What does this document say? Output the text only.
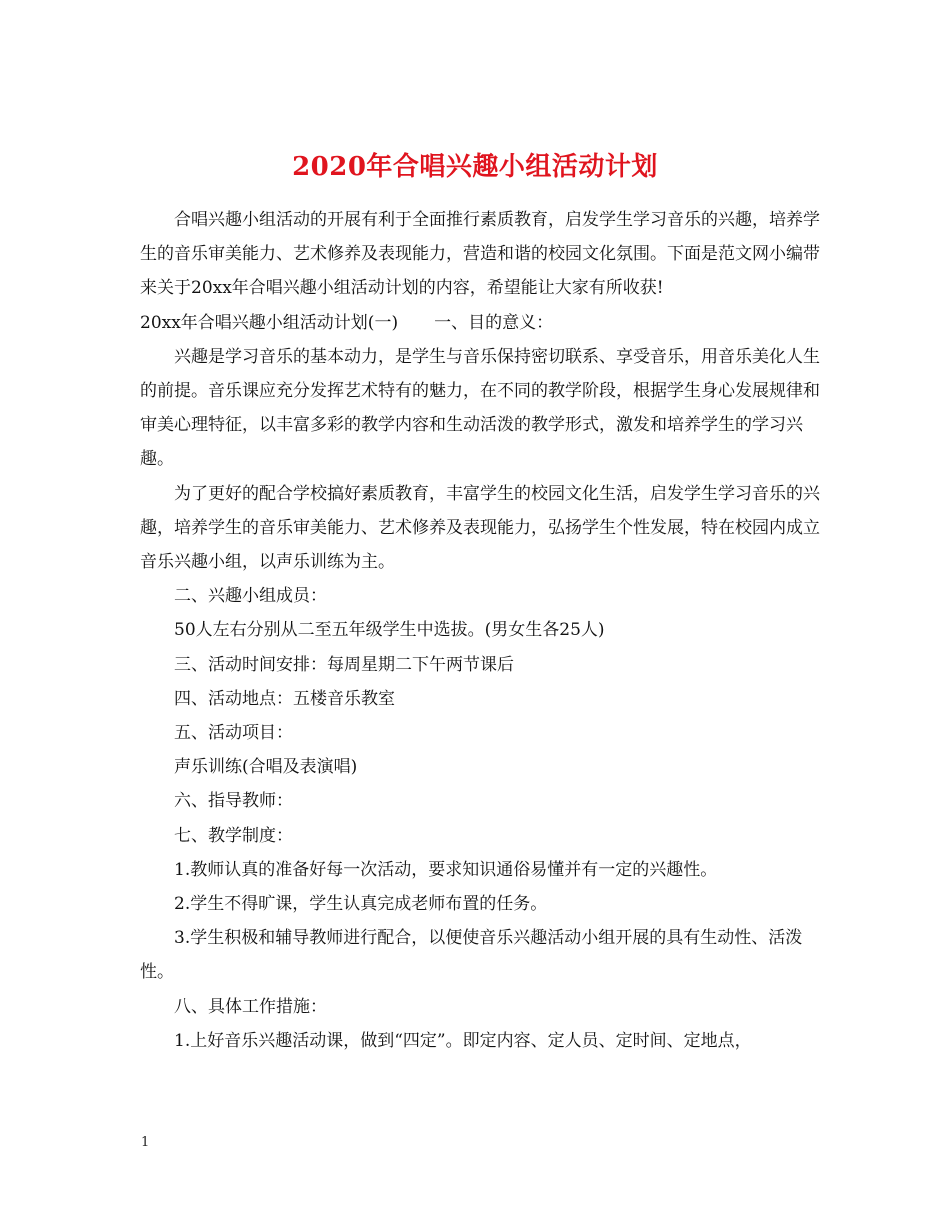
2020年合唱兴趣小组活动计划

合唱兴趣小组活动的开展有利于全面推行素质教育，启发学生学习音乐的兴趣，培养学生的音乐审美能力、艺术修养及表现能力，营造和谐的校园文化氛围。下面是范文网小编带来关于20xx年合唱兴趣小组活动计划的内容，希望能让大家有所收获!

20xx年合唱兴趣小组活动计划(一) 一、目的意义：

兴趣是学习音乐的基本动力，是学生与音乐保持密切联系、享受音乐，用音乐美化人生的前提。音乐课应充分发挥艺术特有的魅力，在不同的教学阶段，根据学生身心发展规律和审美心理特征，以丰富多彩的教学内容和生动活泼的教学形式，激发和培养学生的学习兴趣。

为了更好的配合学校搞好素质教育，丰富学生的校园文化生活，启发学生学习音乐的兴趣，培养学生的音乐审美能力、艺术修养及表现能力，弘扬学生个性发展，特在校园内成立音乐兴趣小组，以声乐训练为主。

二、兴趣小组成员：

50人左右分别从二至五年级学生中选拔。(男女生各25人)

三、活动时间安排：每周星期二下午两节课后

四、活动地点：五楼音乐教室

五、活动项目：

声乐训练(合唱及表演唱)

六、指导教师：

七、教学制度：

1.教师认真的准备好每一次活动，要求知识通俗易懂并有一定的兴趣性。

2.学生不得旷课，学生认真完成老师布置的任务。

3.学生积极和辅导教师进行配合，以便使音乐兴趣活动小组开展的具有生动性、活泼性。

八、具体工作措施：

1.上好音乐兴趣活动课，做到“四定”。即定内容、定人员、定时间、定地点，

1
